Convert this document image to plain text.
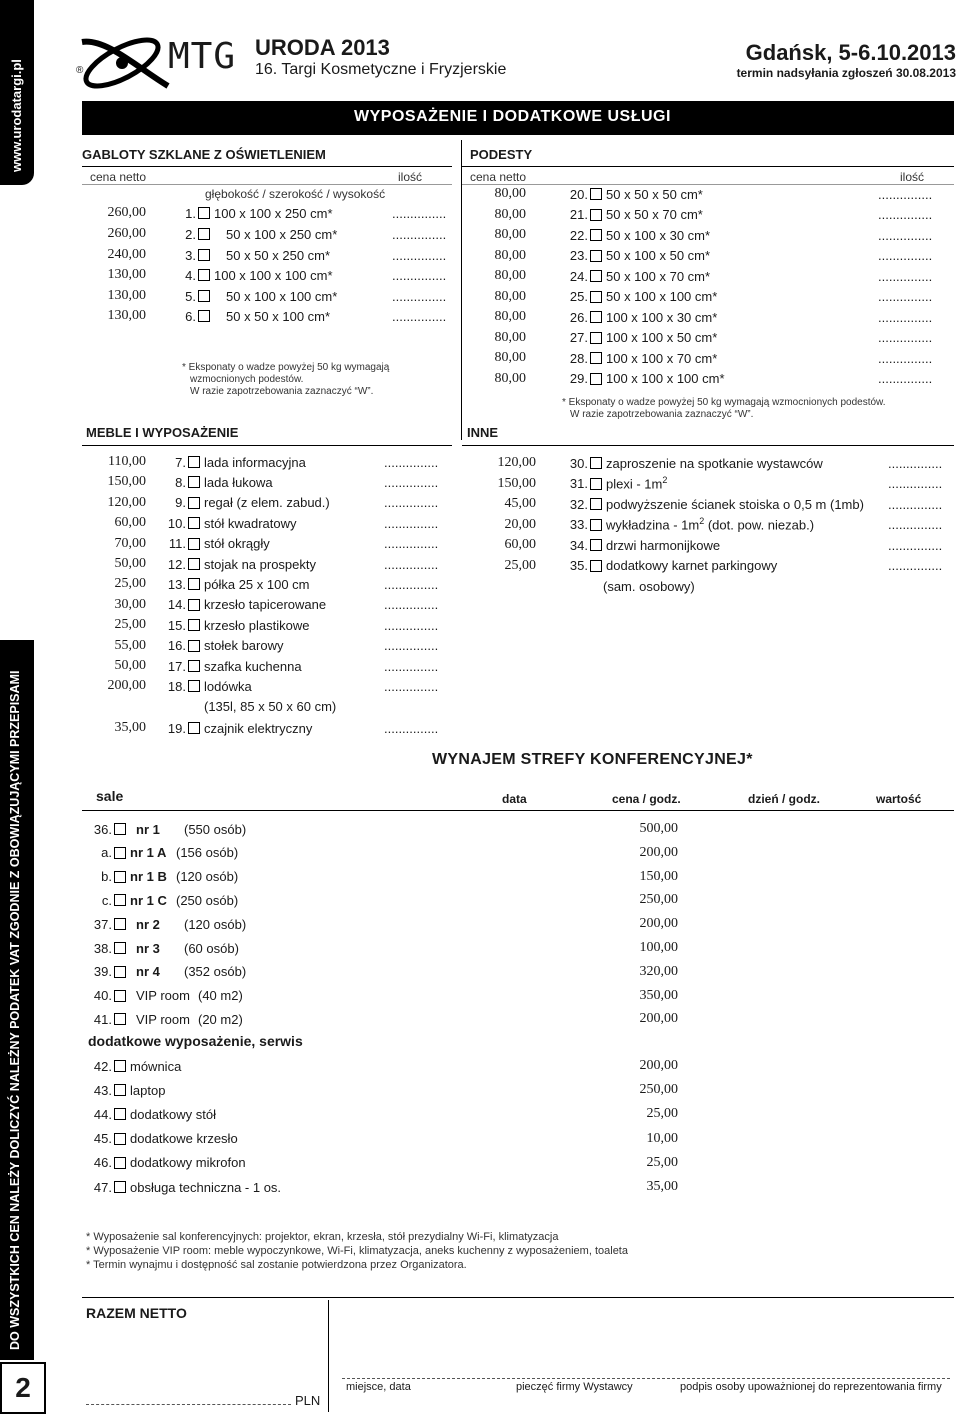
www.urodatargi.pl
DO WSZYSTKICH CEN NALEŻY DOLICZYĆ NALEŻNY PODATEK VAT ZGODNIE Z OBOWIĄZUJĄCYMI PRZEPISAMI
2
® MTG URODA 2013
16. Targi Kosmetyczne i Fryzjerskie
Gdańsk, 5-6.10.2013
termin nadsyłania zgłoszeń 30.08.2013
WYPOSAŻENIE I DODATKOWE USŁUGI
GABLOTY SZKLANE Z OŚWIETLENIEM
cena netto	ilość
głębokość / szerokość / wysokość
260,00	1. 100 x 100 x 250 cm*	...............
260,00	2.	50 x 100 x 250 cm*	...............
240,00	3.	50 x 50 x 250 cm*	...............
130,00	4. 100 x 100 x 100 cm*	...............
130,00	5.	50 x 100 x 100 cm*	...............
130,00	6.	50 x 50 x 100 cm*	...............
* Eksponaty o wadze powyżej 50 kg wymagają
wzmocnionych podestów.
W razie zapotrzebowania zaznaczyć “W”.
PODESTY
cena netto	ilość
80,00	20. 50 x 50 x 50 cm*	...............
80,00	21. 50 x 50 x 70 cm*	...............
80,00	22. 50 x 100 x 30 cm*	...............
80,00	23. 50 x 100 x 50 cm*	...............
80,00	24. 50 x 100 x 70 cm*	...............
80,00	25. 50 x 100 x 100 cm*	...............
80,00	26. 100 x 100 x 30 cm*	...............
80,00	27. 100 x 100 x 50 cm*	...............
80,00	28. 100 x 100 x 70 cm*	...............
80,00	29. 100 x 100 x 100 cm*	...............
* Eksponaty o wadze powyżej 50 kg wymagają wzmocnionych podestów.
W razie zapotrzebowania zaznaczyć “W”.
MEBLE I WYPOSAŻENIE
110,00	7. lada informacyjna	...............
150,00	8. lada łukowa	...............
120,00	9. regał (z elem. zabud.)	...............
60,00	10. stół kwadratowy	...............
70,00	11. stół okrągły	...............
50,00	12. stojak na prospekty	...............
25,00	13. półka 25 x 100 cm	...............
30,00	14. krzesło tapicerowane	...............
25,00	15. krzesło plastikowe	...............
55,00	16. stołek barowy	...............
50,00	17. szafka kuchenna	...............
200,00	18. lodówka	...............
35,00	19. czajnik elektryczny	...............
(135l, 85 x 50 x 60 cm)
INNE
120,00	30. zaproszenie na spotkanie wystawców	...............
150,00	31. plexi - $1m^2$	...............
45,00	32. podwyższenie ścianek stoiska o 0,5 m (1mb)	...............
20,00	33. wykładzina - $1m^2$ (dot. pow. niezab.)	...............
60,00	34. drzwi harmonijkowe	...............
25,00	35. dodatkowy karnet parkingowy	...............
(sam. osobowy)
WYNAJEM STREFY KONFERENCYJNEJ*
sale	data	cena / godz.	dzień / godz.	wartość
36. nr 1	(550 osób)	500,00
a. nr 1 A (156 osób)	200,00
b. nr 1 B (120 osób)	150,00
c. nr 1 C (250 osób)	250,00
37. nr 2	(120 osób)	200,00
38. nr 3	(60 osób)	100,00
39. nr 4	(352 osób)	320,00
40. VIP room (40 m2)	350,00
41. VIP room (20 m2)	200,00
dodatkowe wyposażenie, serwis
42. mównica	200,00
43. laptop	250,00
44. dodatkowy stół	25,00
45. dodatkowe krzesło	10,00
46. dodatkowy mikrofon	25,00
47. obsługa techniczna - 1 os.	35,00
* Wyposażenie sal konferencyjnych: projektor, ekran, krzesła, stół prezydialny Wi-Fi, klimatyzacja
* Wyposażenie VIP room: meble wypoczynkowe, Wi-Fi, klimatyzacja, aneks kuchenny z wyposażeniem, toaleta
* Termin wynajmu i dostępność sal zostanie potwierdzona przez Organizatora.
RAZEM NETTO
PLN
miejsce, data	pieczęć firmy Wystawcy	podpis osoby upoważnionej do reprezentowania firmy
